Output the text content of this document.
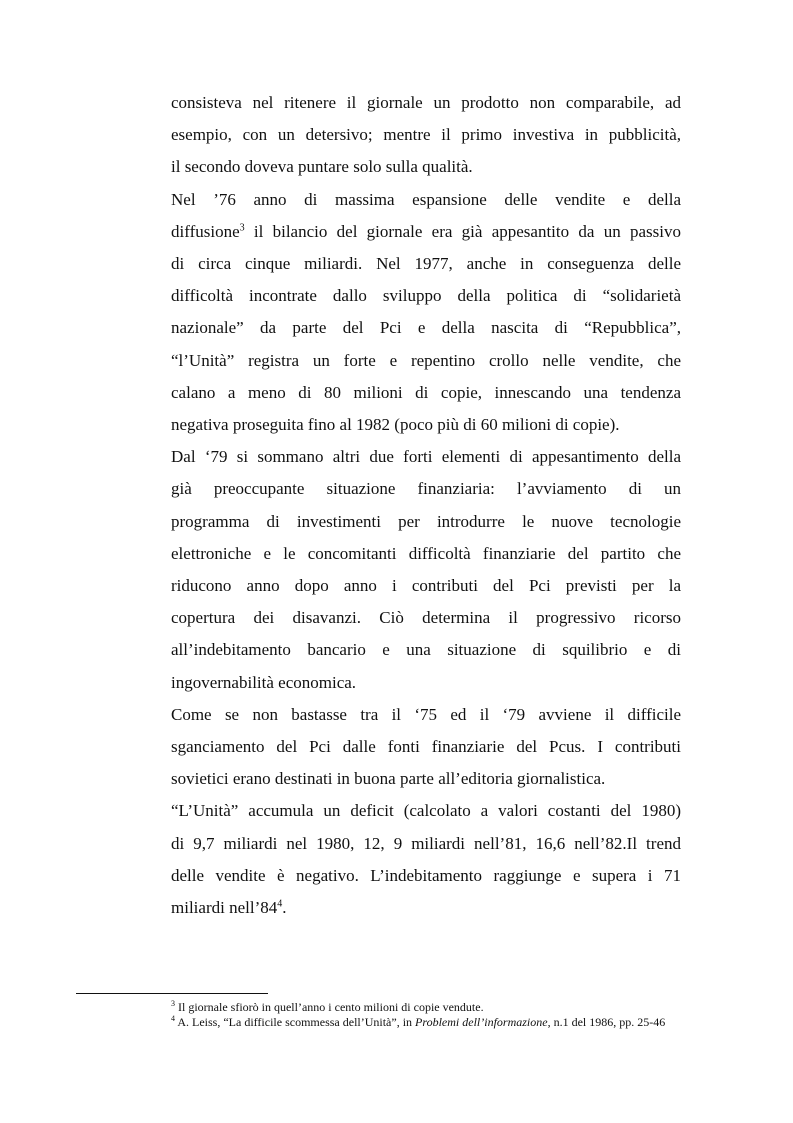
consisteva nel ritenere il giornale un prodotto non comparabile, ad
esempio, con un detersivo; mentre il primo investiva in pubblicità,
il secondo doveva puntare solo sulla qualità.

Nel ’76 anno di massima espansione delle vendite e della
diffusione$^3$ il bilancio del giornale era già appesantito da un passivo
di circa cinque miliardi. Nel 1977, anche in conseguenza delle
difficoltà incontrate dallo sviluppo della politica di “solidarietà
nazionale” da parte del Pci e della nascita di “Repubblica”,
“l’Unità” registra un forte e repentino crollo nelle vendite, che
calano a meno di 80 milioni di copie, innescando una tendenza
negativa proseguita fino al 1982 (poco più di 60 milioni di copie).

Dal ‘79 si sommano altri due forti elementi di appesantimento della
già preoccupante situazione finanziaria: l’avviamento di un
programma di investimenti per introdurre le nuove tecnologie
elettroniche e le concomitanti difficoltà finanziarie del partito che
riducono anno dopo anno i contributi del Pci previsti per la
copertura dei disavanzi. Ciò determina il progressivo ricorso
all’indebitamento bancario e una situazione di squilibrio e di
ingovernabilità economica.

Come se non bastasse tra il ‘75 ed il ‘79 avviene il difficile
sganciamento del Pci dalle fonti finanziarie del Pcus. I contributi
sovietici erano destinati in buona parte all’editoria giornalistica.

“L’Unità” accumula un deficit (calcolato a valori costanti del 1980)
di 9,7 miliardi nel 1980, 12, 9 miliardi nell’81, 16,6 nell’82.Il trend
delle vendite è negativo. L’indebitamento raggiunge e supera i 71
miliardi nell’84$^4$.

$^3$ Il giornale sfiorò in quell’anno i cento milioni di copie vendute.

$^4$ A. Leiss, “La difficile scommessa dell’Unità”, in Problemi dell’informazione, n.1 del 1986, pp. 25-46
